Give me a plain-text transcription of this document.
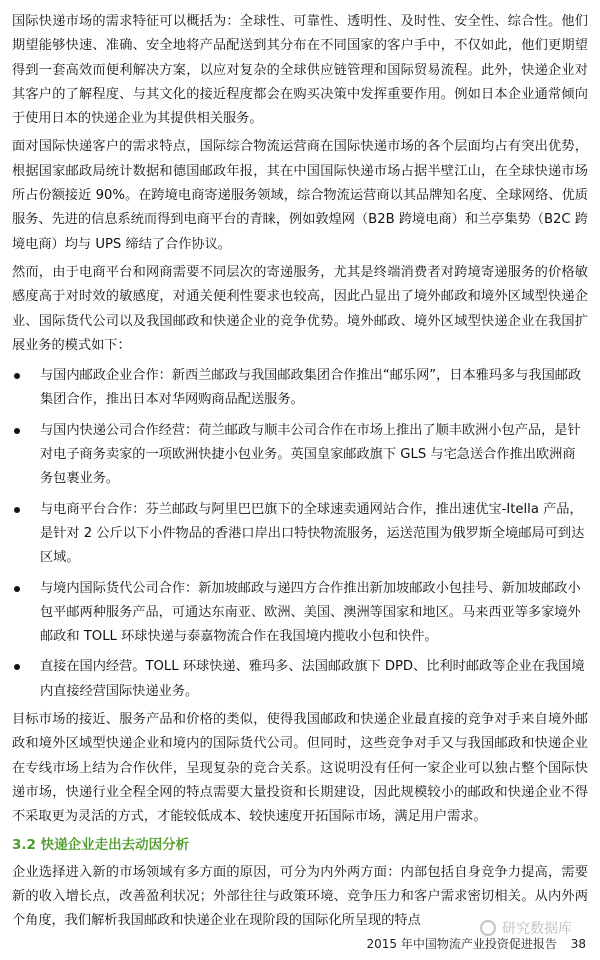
国际快递市场的需求特征可以概括为：全球性、可靠性、透明性、及时性、安全性、综合性。他们期望能够快速、准确、安全地将产品配送到其分布在不同国家的客户手中，不仅如此，他们更期望得到一套高效而便利解决方案，以应对复杂的全球供应链管理和国际贸易流程。此外，快递企业对其客户的了解程度、与其文化的接近程度都会在购买决策中发挥重要作用。例如日本企业通常倾向于使用日本的快递企业为其提供相关服务。

面对国际快递客户的需求特点，国际综合物流运营商在国际快递市场的各个层面均占有突出优势，根据国家邮政局统计数据和德国邮政年报，其在中国国际快递市场占据半壁江山，在全球快递市场所占份额接近 90%。在跨境电商寄递服务领域，综合物流运营商以其品牌知名度、全球网络、优质服务、先进的信息系统而得到电商平台的青睐，例如敦煌网（B2B 跨境电商）和兰亭集势（B2C 跨境电商）均与 UPS 缔结了合作协议。

然而，由于电商平台和网商需要不同层次的寄递服务，尤其是终端消费者对跨境寄递服务的价格敏感度高于对时效的敏感度，对通关便利性要求也较高，因此凸显出了境外邮政和境外区域型快递企业、国际货代公司以及我国邮政和快递企业的竞争优势。境外邮政、境外区域型快递企业在我国扩展业务的模式如下：

与国内邮政企业合作：新西兰邮政与我国邮政集团合作推出“邮乐网”，日本雅玛多与我国邮政集团合作，推出日本对华网购商品配送服务。
与国内快递公司合作经营：荷兰邮政与顺丰公司合作在市场上推出了顺丰欧洲小包产品，是针对电子商务卖家的一项欧洲快捷小包业务。英国皇家邮政旗下 GLS 与宅急送合作推出欧洲商务包裹业务。
与电商平台合作：芬兰邮政与阿里巴巴旗下的全球速卖通网站合作，推出速优宝-Itella 产品，是针对 2 公斤以下小件物品的香港口岸出口特快物流服务，运送范围为俄罗斯全境邮局可到达区域。
与境内国际货代公司合作：新加坡邮政与递四方合作推出新加坡邮政小包挂号、新加坡邮政小包平邮两种服务产品，可通达东南亚、欧洲、美国、澳洲等国家和地区。马来西亚等多家境外邮政和 TOLL 环球快递与泰嘉物流合作在我国境内揽收小包和快件。
直接在国内经营。TOLL 环球快递、雅玛多、法国邮政旗下 DPD、比利时邮政等企业在我国境内直接经营国际快递业务。

目标市场的接近、服务产品和价格的类似，使得我国邮政和快递企业最直接的竞争对手来自境外邮政和境外区域型快递企业和境内的国际货代公司。但同时，这些竞争对手又与我国邮政和快递企业在专线市场上结为合作伙伴，呈现复杂的竞合关系。这说明没有任何一家企业可以独占整个国际快递市场，快递行业全程全网的特点需要大量投资和长期建设，因此规模较小的邮政和快递企业不得不采取更为灵活的方式，才能较低成本、较快速度开拓国际市场，满足用户需求。

3.2 快递企业走出去动因分析

企业选择进入新的市场领域有多方面的原因，可分为内外两方面：内部包括自身竞争力提高，需要新的收入增长点，改善盈利状况；外部往往与政策环境、竞争压力和客户需求密切相关。从内外两个角度，我们解析我国邮政和快递企业在现阶段的国际化所呈现的特点

研究数据库
2015 年中国物流产业投资促进报告 38
